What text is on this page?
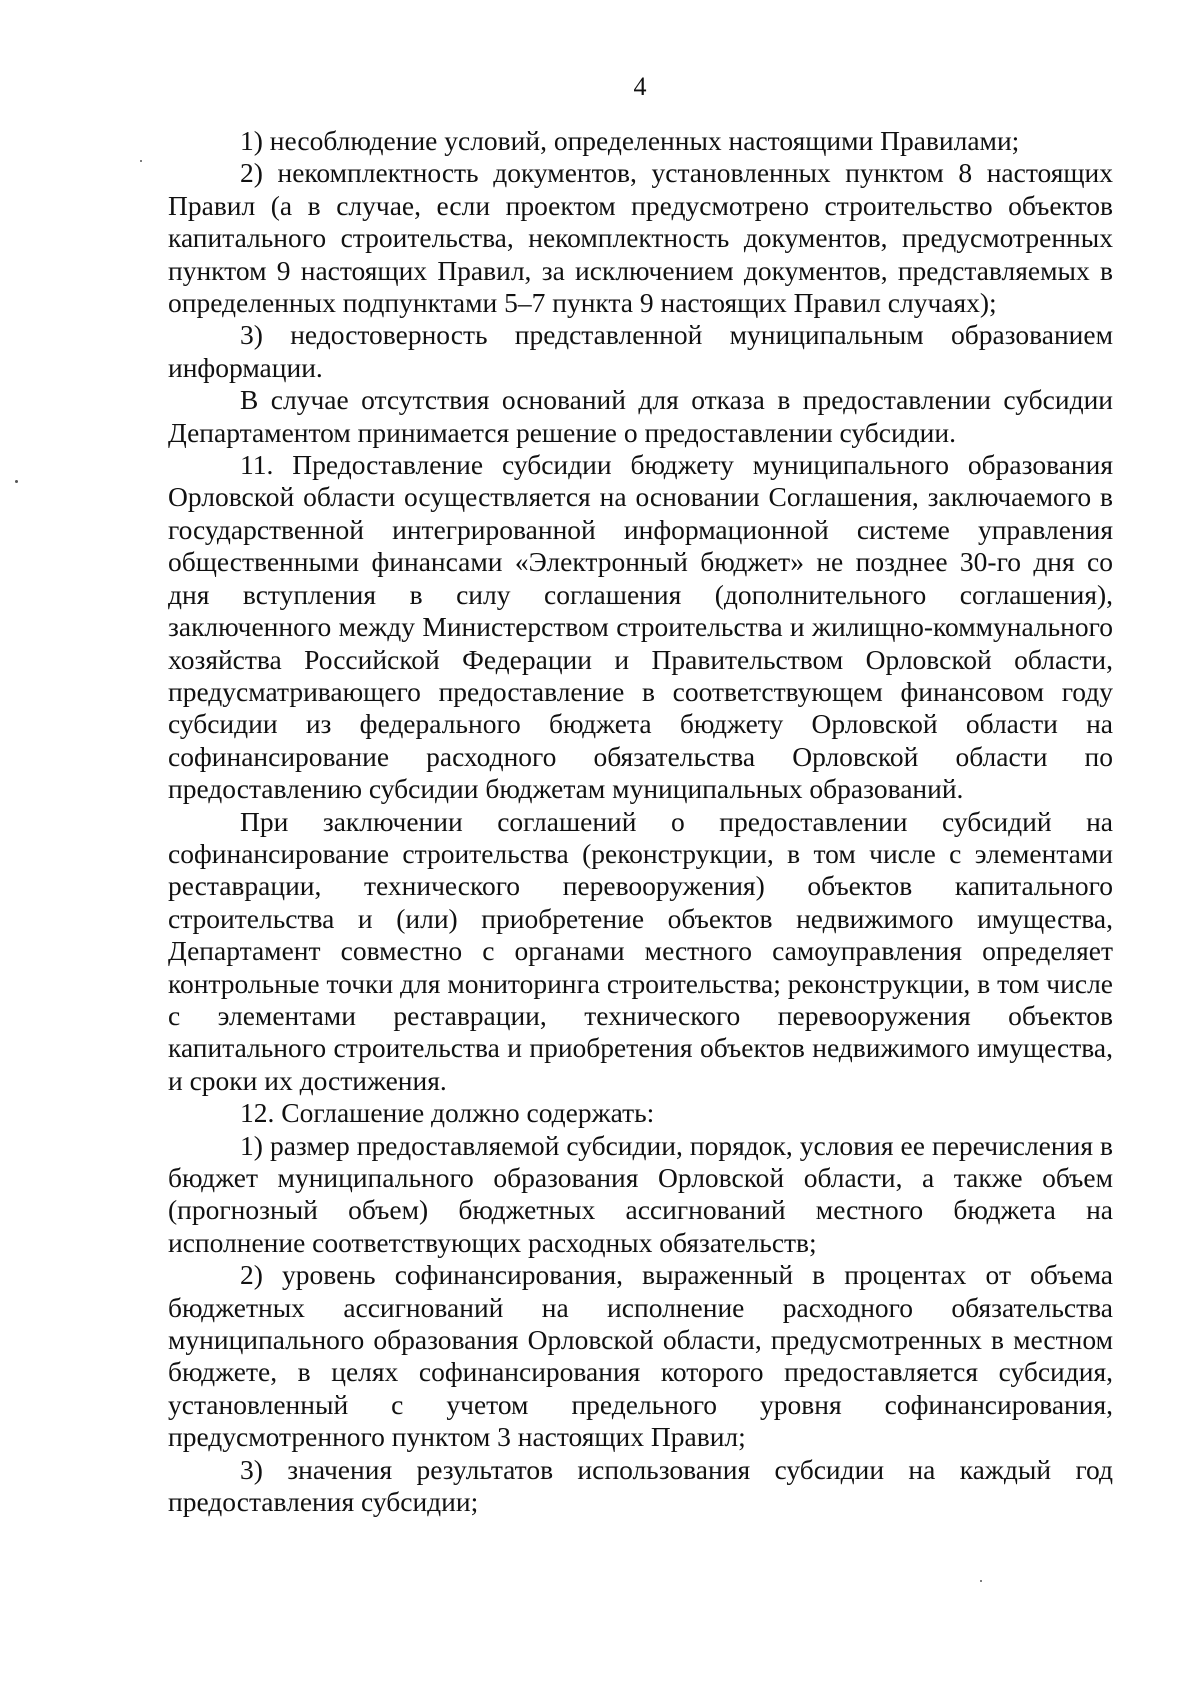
4

1) несоблюдение условий, определенных настоящими Правилами;

2) некомплектность документов, установленных пунктом 8 настоящих Правил (а в случае, если проектом предусмотрено строительство объектов капитального строительства, некомплектность документов, предусмотренных пунктом 9 настоящих Правил, за исключением документов, представляемых в определенных подпунктами 5–7 пункта 9 настоящих Правил случаях);

3) недостоверность представленной муниципальным образованием информации.

В случае отсутствия оснований для отказа в предоставлении субсидии Департаментом принимается решение о предоставлении субсидии.

11. Предоставление субсидии бюджету муниципального образования Орловской области осуществляется на основании Соглашения, заключаемого в государственной интегрированной информационной системе управления общественными финансами «Электронный бюджет» не позднее 30-го дня со дня вступления в силу соглашения (дополнительного соглашения), заключенного между Министерством строительства и жилищно-коммунального хозяйства Российской Федерации и Правительством Орловской области, предусматривающего предоставление в соответствующем финансовом году субсидии из федерального бюджета бюджету Орловской области на софинансирование расходного обязательства Орловской области по предоставлению субсидии бюджетам муниципальных образований.

При заключении соглашений о предоставлении субсидий на софинансирование строительства (реконструкции, в том числе с элементами реставрации, технического перевооружения) объектов капитального строительства и (или) приобретение объектов недвижимого имущества, Департамент совместно с органами местного самоуправления определяет контрольные точки для мониторинга строительства; реконструкции, в том числе с элементами реставрации, технического перевооружения объектов капитального строительства и приобретения объектов недвижимого имущества, и сроки их достижения.

12. Соглашение должно содержать:

1) размер предоставляемой субсидии, порядок, условия ее перечисления в бюджет муниципального образования Орловской области, а также объем (прогнозный объем) бюджетных ассигнований местного бюджета на исполнение соответствующих расходных обязательств;

2) уровень софинансирования, выраженный в процентах от объема бюджетных ассигнований на исполнение расходного обязательства муниципального образования Орловской области, предусмотренных в местном бюджете, в целях софинансирования которого предоставляется субсидия, установленный с учетом предельного уровня софинансирования, предусмотренного пунктом 3 настоящих Правил;

3) значения результатов использования субсидии на каждый год предоставления субсидии;
